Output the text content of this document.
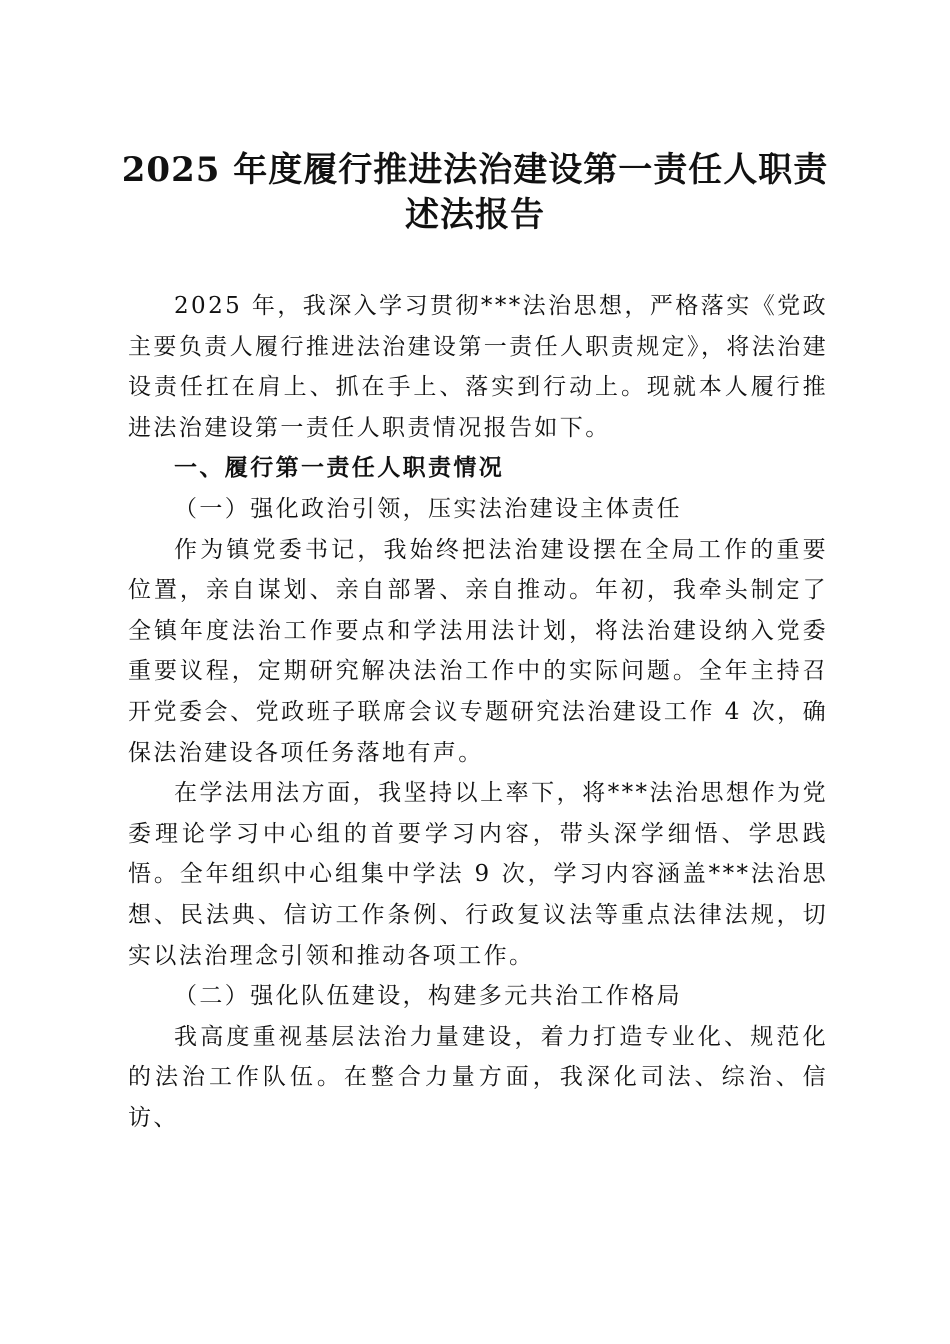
2025 年度履行推进法治建设第一责任人职责
述法报告

2025 年，我深入学习贯彻***法治思想，严格落实《党政主要负责人履行推进法治建设第一责任人职责规定》，将法治建设责任扛在肩上、抓在手上、落实到行动上。现就本人履行推进法治建设第一责任人职责情况报告如下。

一、履行第一责任人职责情况

（一）强化政治引领，压实法治建设主体责任

作为镇党委书记，我始终把法治建设摆在全局工作的重要位置，亲自谋划、亲自部署、亲自推动。年初，我牵头制定了全镇年度法治工作要点和学法用法计划，将法治建设纳入党委重要议程，定期研究解决法治工作中的实际问题。全年主持召开党委会、党政班子联席会议专题研究法治建设工作 4 次，确保法治建设各项任务落地有声。

在学法用法方面，我坚持以上率下，将***法治思想作为党委理论学习中心组的首要学习内容，带头深学细悟、学思践悟。全年组织中心组集中学法 9 次，学习内容涵盖***法治思想、民法典、信访工作条例、行政复议法等重点法律法规，切实以法治理念引领和推动各项工作。

（二）强化队伍建设，构建多元共治工作格局

我高度重视基层法治力量建设，着力打造专业化、规范化的法治工作队伍。在整合力量方面，我深化司法、综治、信访、
